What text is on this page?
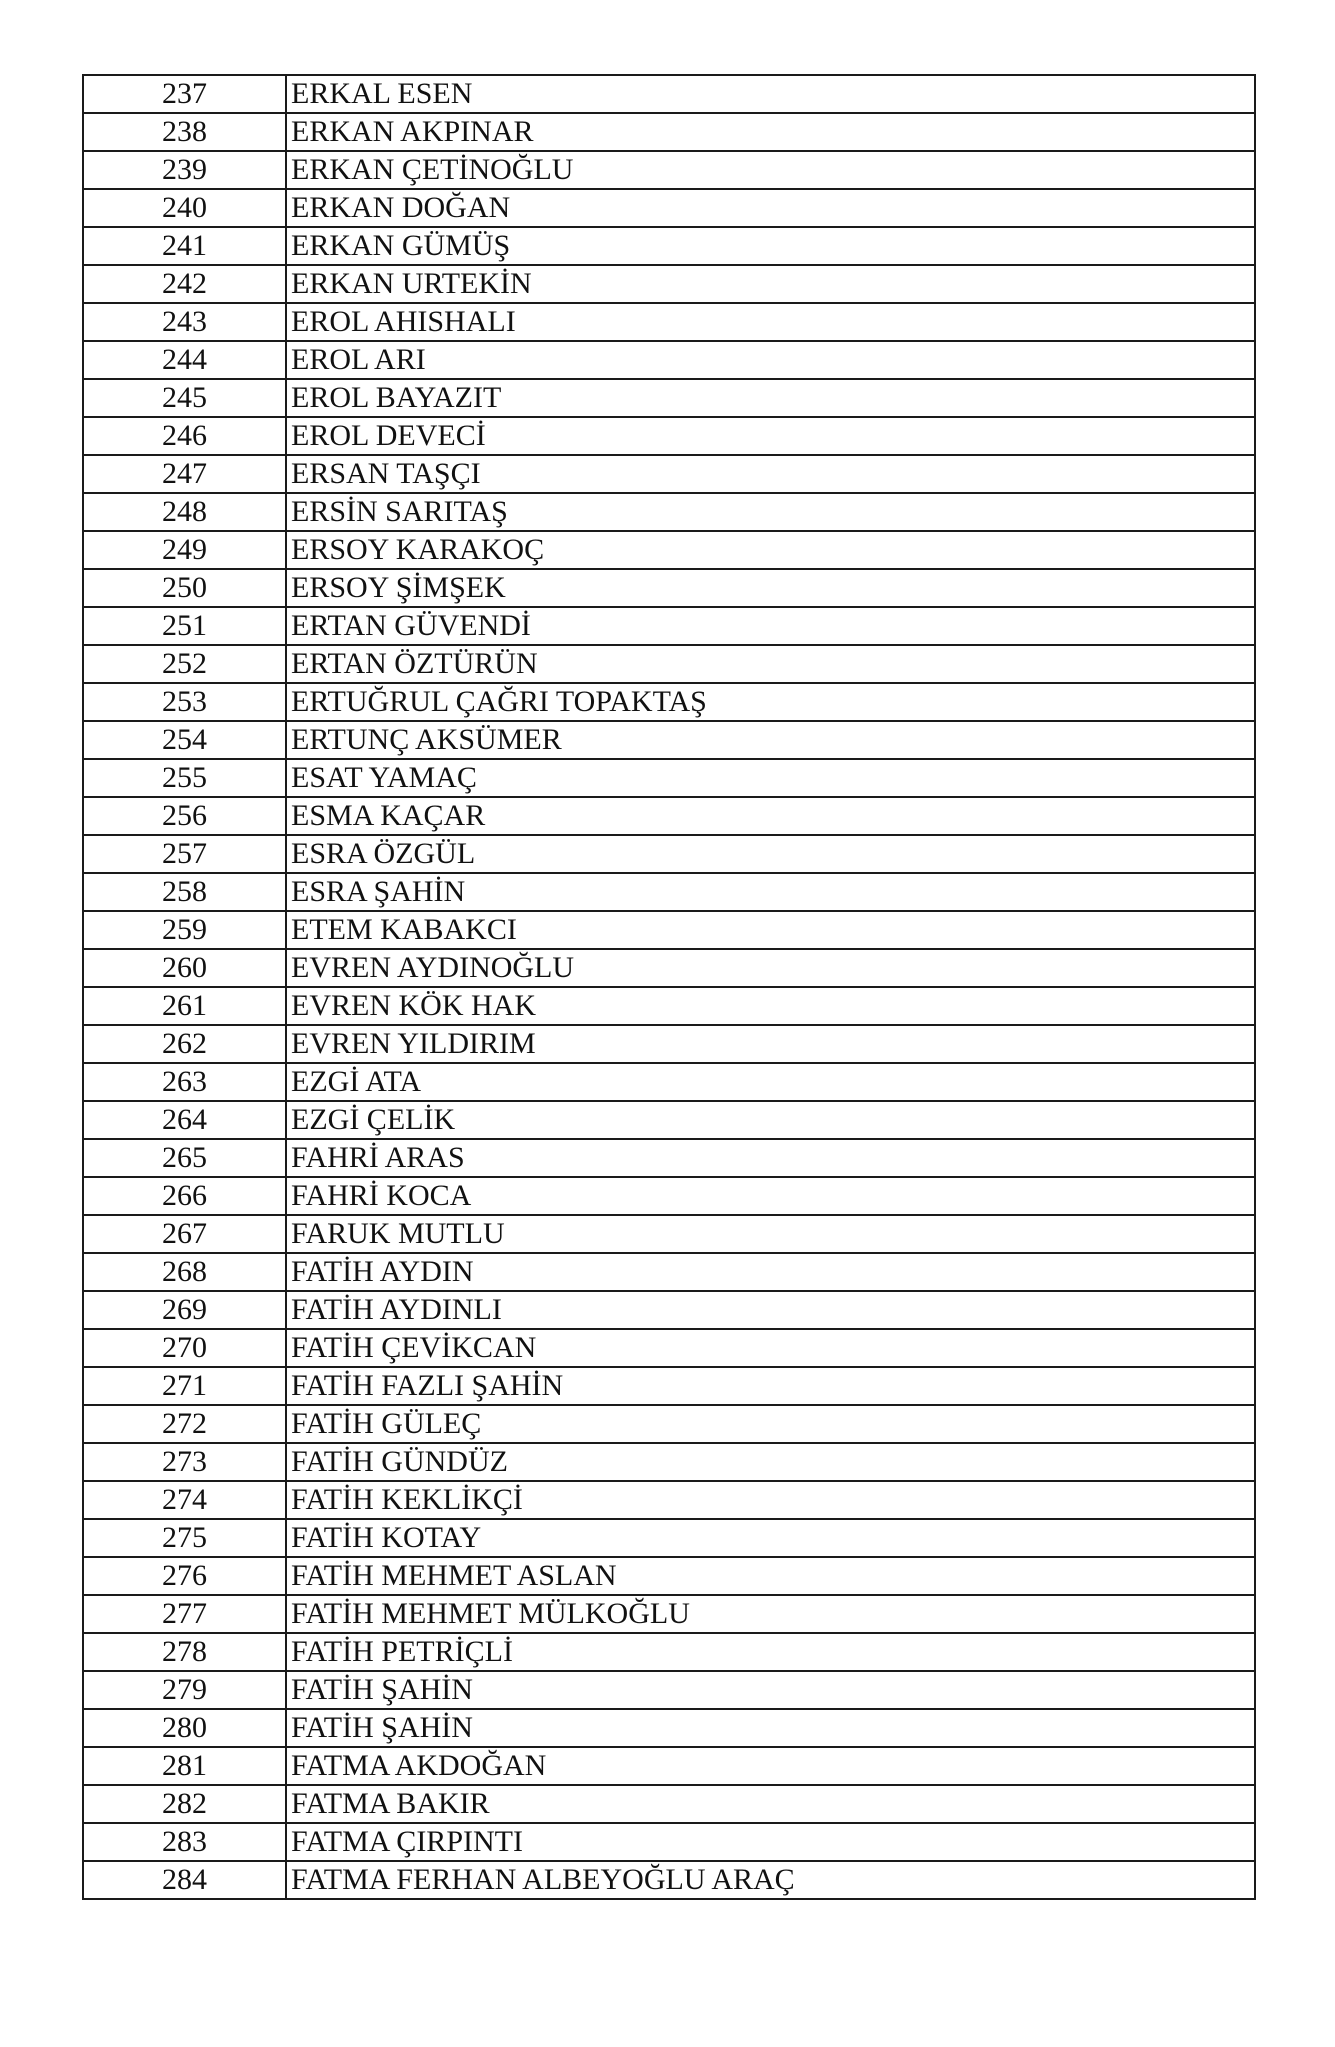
237	ERKAL ESEN
238	ERKAN AKPINAR
239	ERKAN ÇETİNOĞLU
240	ERKAN DOĞAN
241	ERKAN GÜMÜŞ
242	ERKAN URTEKİN
243	EROL AHISHALI
244	EROL ARI
245	EROL BAYAZIT
246	EROL DEVECİ
247	ERSAN TAŞÇI
248	ERSİN SARITAŞ
249	ERSOY KARAKOÇ
250	ERSOY ŞİMŞEK
251	ERTAN GÜVENDİ
252	ERTAN ÖZTÜRÜN
253	ERTUĞRUL ÇAĞRI TOPAKTAŞ
254	ERTUNÇ AKSÜMER
255	ESAT YAMAÇ
256	ESMA KAÇAR
257	ESRA ÖZGÜL
258	ESRA ŞAHİN
259	ETEM KABAKCI
260	EVREN AYDINOĞLU
261	EVREN KÖK HAK
262	EVREN YILDIRIM
263	EZGİ ATA
264	EZGİ ÇELİK
265	FAHRİ ARAS
266	FAHRİ KOCA
267	FARUK MUTLU
268	FATİH AYDIN
269	FATİH AYDINLI
270	FATİH ÇEVİKCAN
271	FATİH FAZLI ŞAHİN
272	FATİH GÜLEÇ
273	FATİH GÜNDÜZ
274	FATİH KEKLİKÇİ
275	FATİH KOTAY
276	FATİH MEHMET ASLAN
277	FATİH MEHMET MÜLKOĞLU
278	FATİH PETRİÇLİ
279	FATİH ŞAHİN
280	FATİH ŞAHİN
281	FATMA AKDOĞAN
282	FATMA BAKIR
283	FATMA ÇIRPINTI
284	FATMA FERHAN ALBEYOĞLU ARAÇ
